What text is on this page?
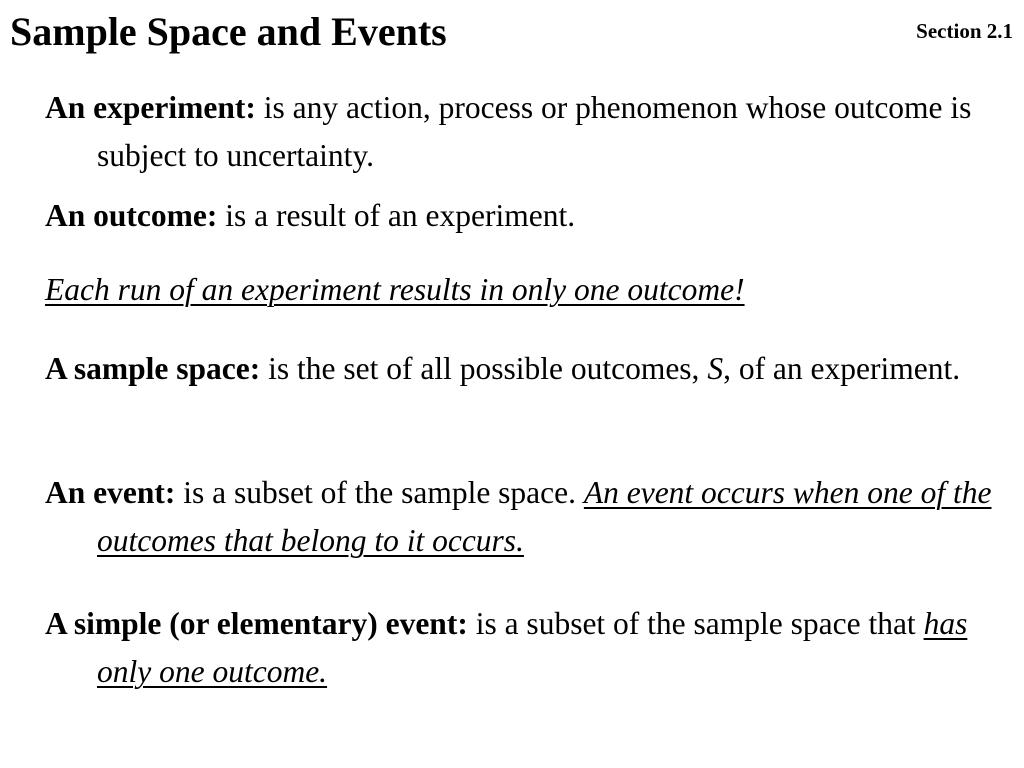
Sample Space and Events	Section 2.1
An experiment: is any action, process or phenomenon whose outcome is subject to uncertainty.
An outcome: is a result of an experiment.
Each run of an experiment results in only one outcome!
A sample space: is the set of all possible outcomes, S, of an experiment.
An event: is a subset of the sample space. An event occurs when one of the outcomes that belong to it occurs.
A simple (or elementary) event: is a subset of the sample space that has only one outcome.
